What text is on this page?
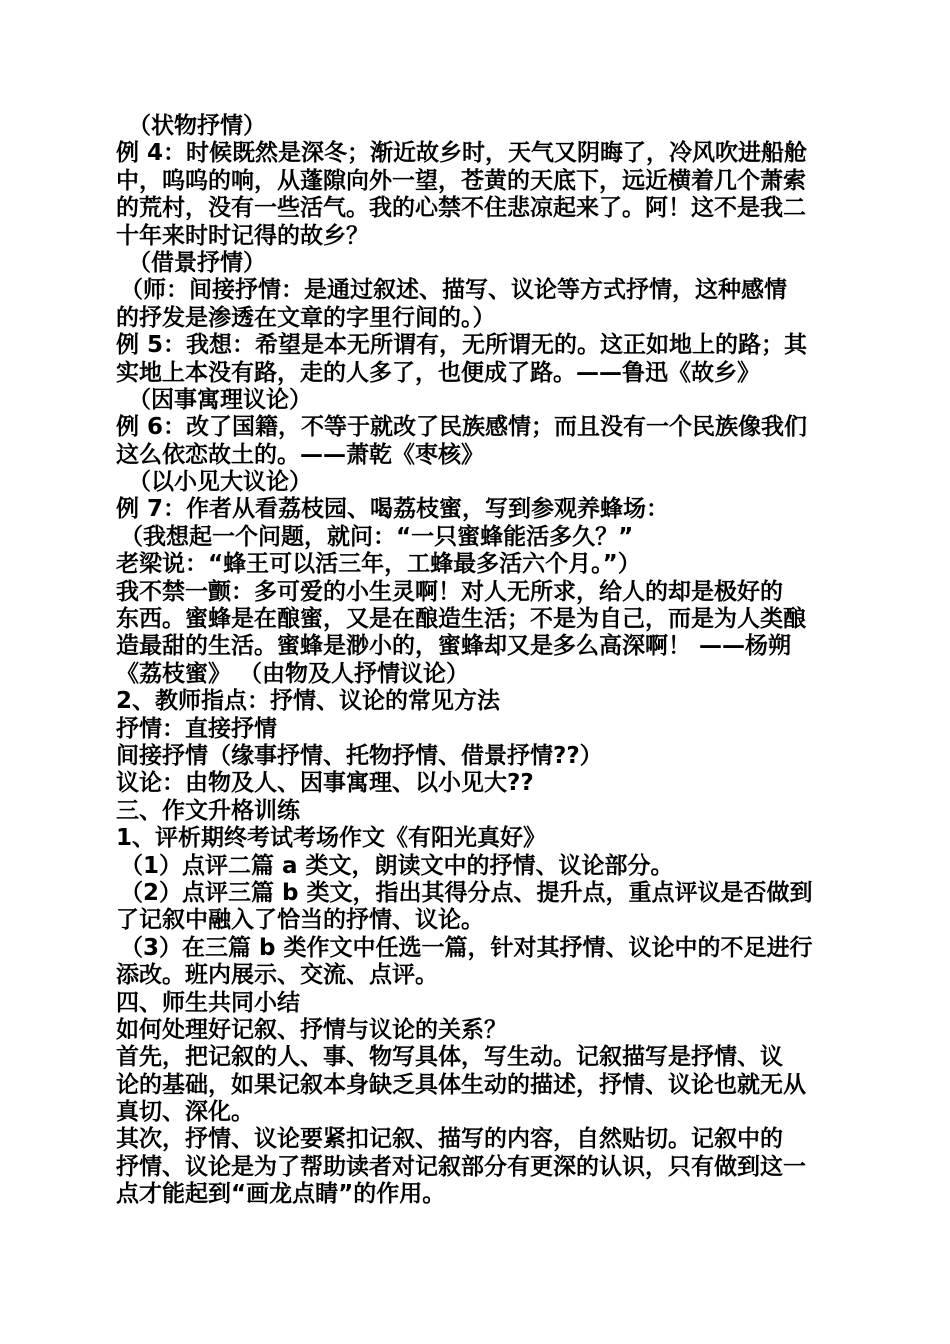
（状物抒情）
例 4：时候既然是深冬；渐近故乡时，天气又阴晦了，冷风吹进船舱
中，呜呜的响，从蓬隙向外一望，苍黄的天底下，远近横着几个萧索
的荒村，没有一些活气。我的心禁不住悲凉起来了。阿！这不是我二
十年来时时记得的故乡？
（借景抒情）
（师：间接抒情：是通过叙述、描写、议论等方式抒情，这种感情
的抒发是渗透在文章的字里行间的。）
例 5：我想：希望是本无所谓有，无所谓无的。这正如地上的路；其
实地上本没有路，走的人多了，也便成了路。——鲁迅《故乡》
（因事寓理议论）
例 6：改了国籍，不等于就改了民族感情；而且没有一个民族像我们
这么依恋故土的。——萧乾《枣核》
（以小见大议论）
例 7：作者从看荔枝园、喝荔枝蜜，写到参观养蜂场：
（我想起一个问题，就问：“一只蜜蜂能活多久？”
老梁说：“蜂王可以活三年，工蜂最多活六个月。”）
我不禁一颤：多可爱的小生灵啊！对人无所求，给人的却是极好的
东西。蜜蜂是在酿蜜，又是在酿造生活；不是为自己，而是为人类酿
造最甜的生活。蜜蜂是渺小的，蜜蜂却又是多么高深啊！ ——杨朔
《荔枝蜜》 （由物及人抒情议论）
2、教师指点：抒情、议论的常见方法
抒情：直接抒情
间接抒情（缘事抒情、托物抒情、借景抒情??）
议论：由物及人、因事寓理、以小见大??
三、作文升格训练
1、评析期终考试考场作文《有阳光真好》
（1）点评二篇 a 类文，朗读文中的抒情、议论部分。
（2）点评三篇 b 类文，指出其得分点、提升点，重点评议是否做到
了记叙中融入了恰当的抒情、议论。
（3）在三篇 b 类作文中任选一篇，针对其抒情、议论中的不足进行
添改。班内展示、交流、点评。
四、师生共同小结
如何处理好记叙、抒情与议论的关系？
首先，把记叙的人、事、物写具体，写生动。记叙描写是抒情、议
论的基础，如果记叙本身缺乏具体生动的描述，抒情、议论也就无从
真切、深化。
其次，抒情、议论要紧扣记叙、描写的内容，自然贴切。记叙中的
抒情、议论是为了帮助读者对记叙部分有更深的认识，只有做到这一
点才能起到“画龙点睛”的作用。
